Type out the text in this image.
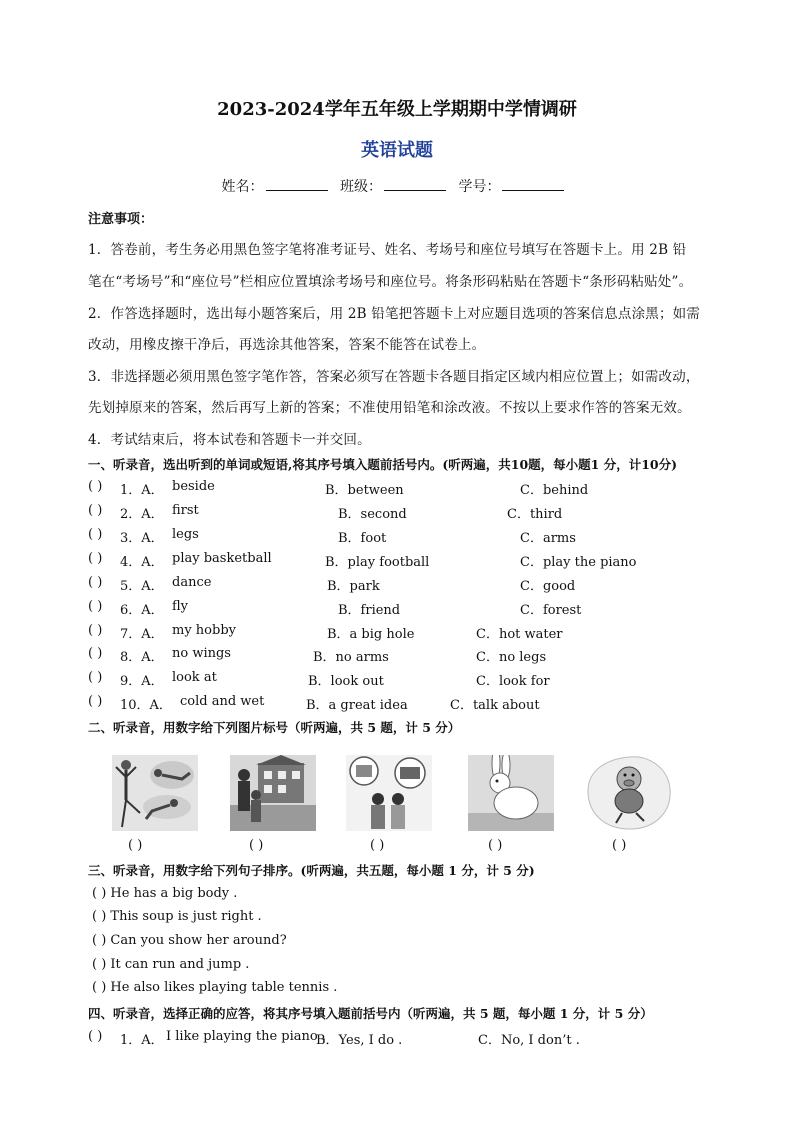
2023-2024学年五年级上学期期中学情调研
英语试题
姓名：	班级：	学号：
注意事项：
1．答卷前，考生务必用黑色签字笔将准考证号、姓名、考场号和座位号填写在答题卡上。用 2B 铅
笔在“考场号”和“座位号”栏相应位置填涂考场号和座位号。将条形码粘贴在答题卡“条形码粘贴处”。
2．作答选择题时，选出每小题答案后，用 2B 铅笔把答题卡上对应题目选项的答案信息点涂黑；如需
改动，用橡皮擦干净后，再选涂其他答案，答案不能答在试卷上。
3．非选择题必须用黑色签字笔作答，答案必须写在答题卡各题目指定区域内相应位置上；如需改动，
先划掉原来的答案，然后再写上新的答案；不准使用铅笔和涂改液。不按以上要求作答的答案无效。
4．考试结束后，将本试卷和答题卡一并交回。
一、听录音，选出听到的单词或短语,将其序号填入题前括号内。(听两遍，共10题，每小题1 分，计10分)
( ) 1．A． beside	B．between	C．behind
( ) 2．A． first	B．second	C．third
( ) 3．A． legs	B．foot	C．arms
( ) 4．A． play basketball	B．play football	C．play the piano
( ) 5．A． dance	B．park	C．good
( ) 6．A． fly	B．friend	C．forest
( ) 7．A． my hobby	B．a big hole	C．hot water
( ) 8．A． no wings	B．no arms	C．no legs
( ) 9．A． look at	B．look out	C．look for
( ) 10．A． cold and wet	B．a great idea	C．talk about
二、听录音，用数字给下列图片标号（听两遍，共 5 题，计 5 分）
( )	( )	( )	( )	( )
三、听录音，用数字给下列句子排序。(听两遍，共五题，每小题 1 分，计 5 分)
( ) He has a big body .
( ) This soup is just right .
( ) Can you show her around?
( ) It can run and jump .
( ) He also likes playing table tennis .
四、听录音，选择正确的应答，将其序号填入题前括号内（听两遍，共 5 题，每小题 1 分，计 5 分）
( ) 1．A． I like playing the piano .
B．Yes, I do .	C．No, I don’t .
